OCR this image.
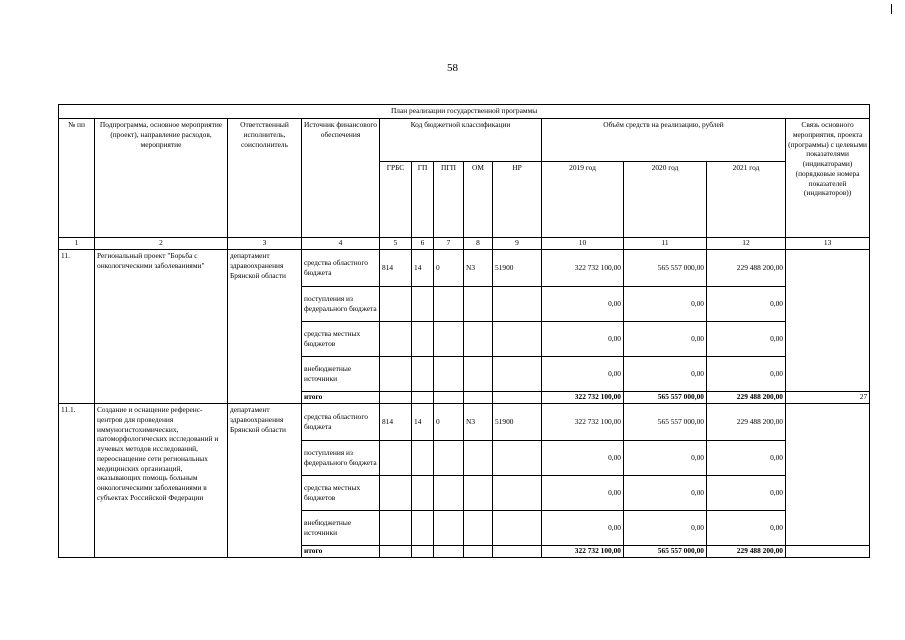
58
План реализации государственной программы												
№ пп	Подпрограмма, основное мероприятие (проект), направление расходов, мероприятие	Ответственный исполнитель, соисполнитель	Источник финансового обеспечения	Код бюджетной классификации					Объём средств на реализацию, рублей			Связь основного мероприятия, проекта (программы) с целевыми показателями (индикаторами) (порядковые номера показателей (индикаторов))
				ГРБС	ГП	ПГП	ОМ	НР	2019 год	2020 год	2021 год	
1	2	3	4	5	6	7	8	9	10	11	12	13
11.	Региональный проект "Борьба с онкологическими заболеваниями"	департамент здравоохранения Брянской области	средства областного бюджета	814	14	0	N3	51900	322 732 100,00	565 557 000,00	229 488 200,00	
			поступления из федерального бюджета						0,00	0,00	0,00	
			средства местных бюджетов						0,00	0,00	0,00	
			внебюджетные источники						0,00	0,00	0,00	
			итого						322 732 100,00	565 557 000,00	229 488 200,00	27
11.1.	Создание и оснащение референс-центров для проведения иммуногистохимических, патоморфологических исследований и лучевых методов исследований, переоснащение сети региональных медицинских организаций, оказывающих помощь больным онкологическими заболеваниями в субъектах Российской Федерации	департамент здравоохранения Брянской области	средства областного бюджета	814	14	0	N3	51900	322 732 100,00	565 557 000,00	229 488 200,00	
			поступления из федерального бюджета						0,00	0,00	0,00	
			средства местных бюджетов						0,00	0,00	0,00	
			внебюджетные источники						0,00	0,00	0,00	
			итого						322 732 100,00	565 557 000,00	229 488 200,00	
